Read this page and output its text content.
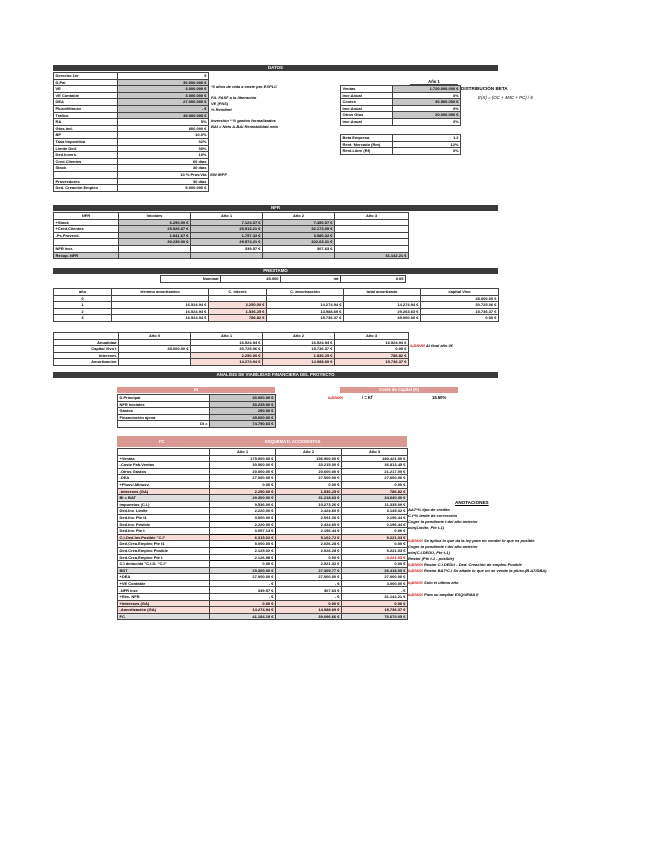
DATOS
Derecho 1er	5
D.Pal	30.000.000 €
VE	3.000.000 €
VE Contable	3.000.000 €
DEA	27.000.000 €
Plusv/Minusv	- €
Tráfico	45.000.000 €
RA	5%
Gtos.Ind.	800.000 €
BP	10.0%
Tasa Impositiva	32%
Límite Ded.	30%
Ded.Invers.	10%
Cred.Clientes	60 días
Stock	30 días
	10 % Prov.Vta
Proveedores	30 días
Ded. Creación Empleo	5.000.000 €
*3 años de vida a coste por EXPLC
FA. FASF a la liberación
VE (FNS)
% Rendimt
Inversión * % gastos formalizados
BAI = Neto A-BAI Rentabilidad neta
SIN IRPF
Año 1
Ventas	1.720.000.000 €
Incr.Anual	3%
Costes	30.500.000 €
Incr.Anual	3%
Otros Gtos	20.000.000 €
Incr.Anual	3%
DISTRIBUCIÓN BETA
E(X) = (OC + 4MC + PC) / 6
Beta Empresa	1.2
Rent. Mercado (Rm)	12%
Rent.Libre (Rf)	3%
NFR
NFR	Iniciales	Año 1	Año 2	Año 3
+Stock	6.250.00 €	7.123.37 €	7.450.57 €	
+Cred.Clientes	25.526.67 €	29.513.21 €	32.173.05 €	
-Ps.Proveed.	1.541.67 €	1.757.32 €	3.980.32 €	
	30.235.00 €	29.574.21 €	322.63.31 €	
NFR Incr.		339.57 €	307.63 €	
Recup. NFR				31.142.21 €
PRESTAMO
Nominal	45.000	int	0.05
año	término amortizativo	C. interés	C. amortización	total amortizado	capital Vivo
0					45.000.00 €
1	16.524.94 €	2.250.00 €	14.274.94 €	14.274.94 €	30.725.06 €
2	16.524.94 €	1.536.25 €	14.988.69 €	29.263.63 €	15.736.37 €
3	16.524.94 €	786.82 €	15.736.37 €	45.000.00 €	0.00 €
	Año 0	Año 1	Año 2	Año 3
Anualidad		16.524.94 €	16.524.94 €	16.524.94 €
Capital Vivo t	45.000.00 €	30.725.06 €	15.736.37 €	0.00 €
Intereses		2.250.00 €	1.536.25 €	786.82 €
Amortización		14.274.94 €	14.988.69 €	15.736.37 €
#¡DIV/0! Al final año 0€
ANALISIS DE VIABILIDAD FINANCIERA DEL PROYECTO
DI
D.Principal	30.000.00 €
NFR Iniciales	30.235.00 €
Gastos	250.00 €
Financiación ajena	45.000.00 €
DI =	74.750.63 €
Coste de Capital (K)
#¡DIV/0!	i = Kf	15.50%
FC	ESQUEMA II: ACCIONISTAS
	Año 1	Año 2	Año 3
+Ventas	175.000.00 €	156.500.00 €	180.421.00 €
-Coste Fab.Ventas	30.500.00 €	33.215.00 €	36.813.45 €
-Otros Gastos	20.000.00 €	20.600.00 €	21.217.00 €
-DEA	27.000.00 €	27.000.00 €	27.000.00 €
+Plusv/-Minusv.	0.00 €	0.00 €	0.00 €
-Intereses (GA)	2.250.00 €	1.536.25 €	786.82 €
BI = BAT	29.300.00 €	31.218.63 €	34.640.30 €
Impuestos (C.I.)	9.536.00 €	10.273.26 €	11.335.09 €
Ded.Inv. Límite	2.220.00 €	2.424.60 €	3.145.32 €
Ded.Inv. Pte t1	3.000.00 €	2.091.26 €	2.196.44 €
Ded.Inv. Posible	2.220.00 €	2.424.60 €	2.196.44 €
Ded.Inv. Pte t	0.097.13 €	2.196.44 €	0.00 €
C.I-Ded.Inv.Posible "C.I"	6.315.02 €	5.162.72 €	9.221.03 €
Ded.Crea.Empleo Pte t1	5.000.00 €	2.026.28 €	0.00 €
Ded.Crea.Empleo Posible	2.125.02 €	2.026.28 €	9.221.03 €
Ded.Crea.Empleo Pte t	2.126.98 €	0.00 €	-3.221.03 €
C.I deducida "C.I.D. "C.I"	0.00 €	2.921.32 €	0.00 €
BDT	29.300.00 €	27.309.77 €	26.418.00 €
+DEA	27.000.00 €	27.000.00 €	27.000.00 €
+VE Contable	- €	- €	3.000.00 €
-NFR incr.	339.57 €	307.63 €	- €
+Rec. NFR	- €	- €	31.142.21 €
+Intereses (GA)	0.00 €	0.00 €	0.00 €
-Amortización (GA)	14.274.94 €	14.988.69 €	15.736.37 €
FC	41.184.19 €	39.096.66 €	76.679.05 €
ANOTACIONES
AA7*% tipo de crédito
C.I*% límite de corrección
Coger la pendiente t del año anterior
min(Límite, Pte t-1)
#¡DIV/0! Se aplica lo que da la ley para no vender lo que es posible
Coger la pendiente t del año anterior
min(C.I.DEDU, Pte t-1)
Restar (Pte t-1 - posible)
#¡DIV/0! Restar C.I.DEDU - Ded. Creación de empleo Posible
#¡DIV/0! Restar BA7*C.I Se añade lo que no se vende la plusv.(B.A7/DBA)
#¡DIV/0! Solo el último año
#¡DIV/0! Para su ampliar ESQUEMA II
